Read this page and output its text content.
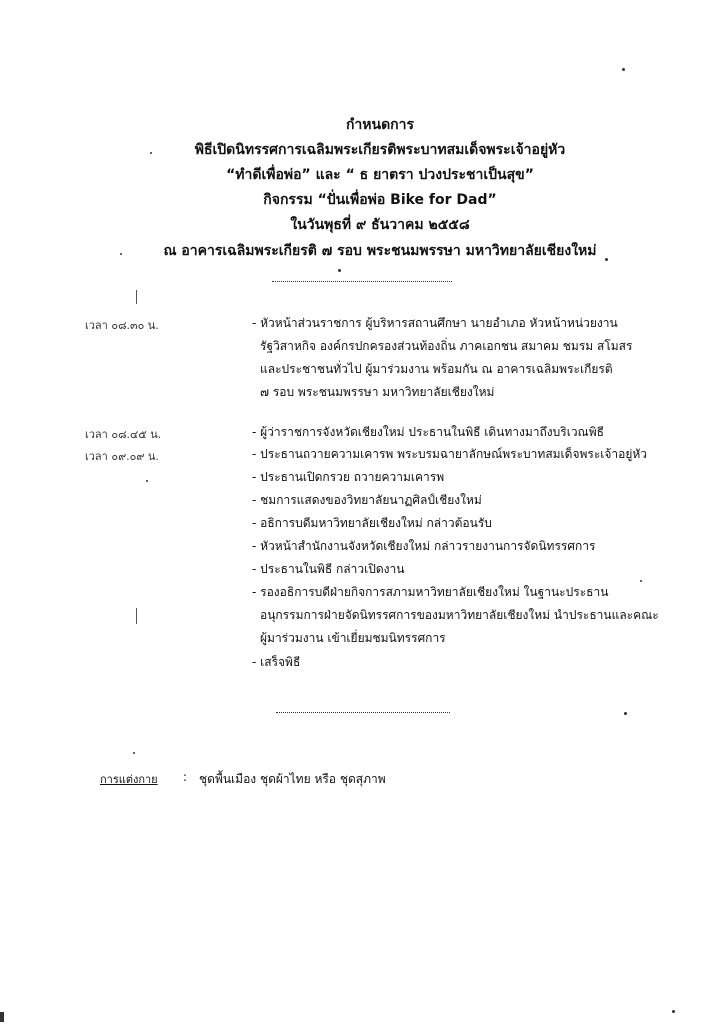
กำหนดการ
พิธีเปิดนิทรรศการเฉลิมพระเกียรติพระบาทสมเด็จพระเจ้าอยู่หัว
“ทำดีเพื่อพ่อ” และ “ ธ ยาตรา ปวงประชาเป็นสุข”
กิจกรรม “ปั่นเพื่อพ่อ Bike for Dad”
ในวันพุธที่ ๙ ธันวาคม ๒๕๕๘
ณ อาคารเฉลิมพระเกียรติ ๗ รอบ พระชนมพรรษา มหาวิทยาลัยเชียงใหม่
เวลา ๐๘.๓๐ น.	- หัวหน้าส่วนราชการ ผู้บริหารสถานศึกษา นายอำเภอ หัวหน้าหน่วยงาน
รัฐวิสาหกิจ องค์กรปกครองส่วนท้องถิ่น ภาคเอกชน สมาคม ชมรม สโมสร
และประชาชนทั่วไป ผู้มาร่วมงาน พร้อมกัน ณ อาคารเฉลิมพระเกียรติ
๗ รอบ พระชนมพรรษา มหาวิทยาลัยเชียงใหม่
เวลา ๐๘.๔๕ น.	- ผู้ว่าราชการจังหวัดเชียงใหม่ ประธานในพิธี เดินทางมาถึงบริเวณพิธี
เวลา ๐๙.๐๙ น.	- ประธานถวายความเคารพ พระบรมฉายาลักษณ์พระบาทสมเด็จพระเจ้าอยู่หัว
- ประธานเปิดกรวย ถวายความเคารพ
- ชมการแสดงของวิทยาลัยนาฏศิลป์เชียงใหม่
- อธิการบดีมหาวิทยาลัยเชียงใหม่ กล่าวต้อนรับ
- หัวหน้าสำนักงานจังหวัดเชียงใหม่ กล่าวรายงานการจัดนิทรรศการ
- ประธานในพิธี กล่าวเปิดงาน
- รองอธิการบดีฝ่ายกิจการสภามหาวิทยาลัยเชียงใหม่ ในฐานะประธาน
อนุกรรมการฝ่ายจัดนิทรรศการของมหาวิทยาลัยเชียงใหม่ นำประธานและคณะ
ผู้มาร่วมงาน เข้าเยี่ยมชมนิทรรศการ
- เสร็จพิธี
การแต่งกาย : ชุดพื้นเมือง ชุดผ้าไทย หรือ ชุดสุภาพ
